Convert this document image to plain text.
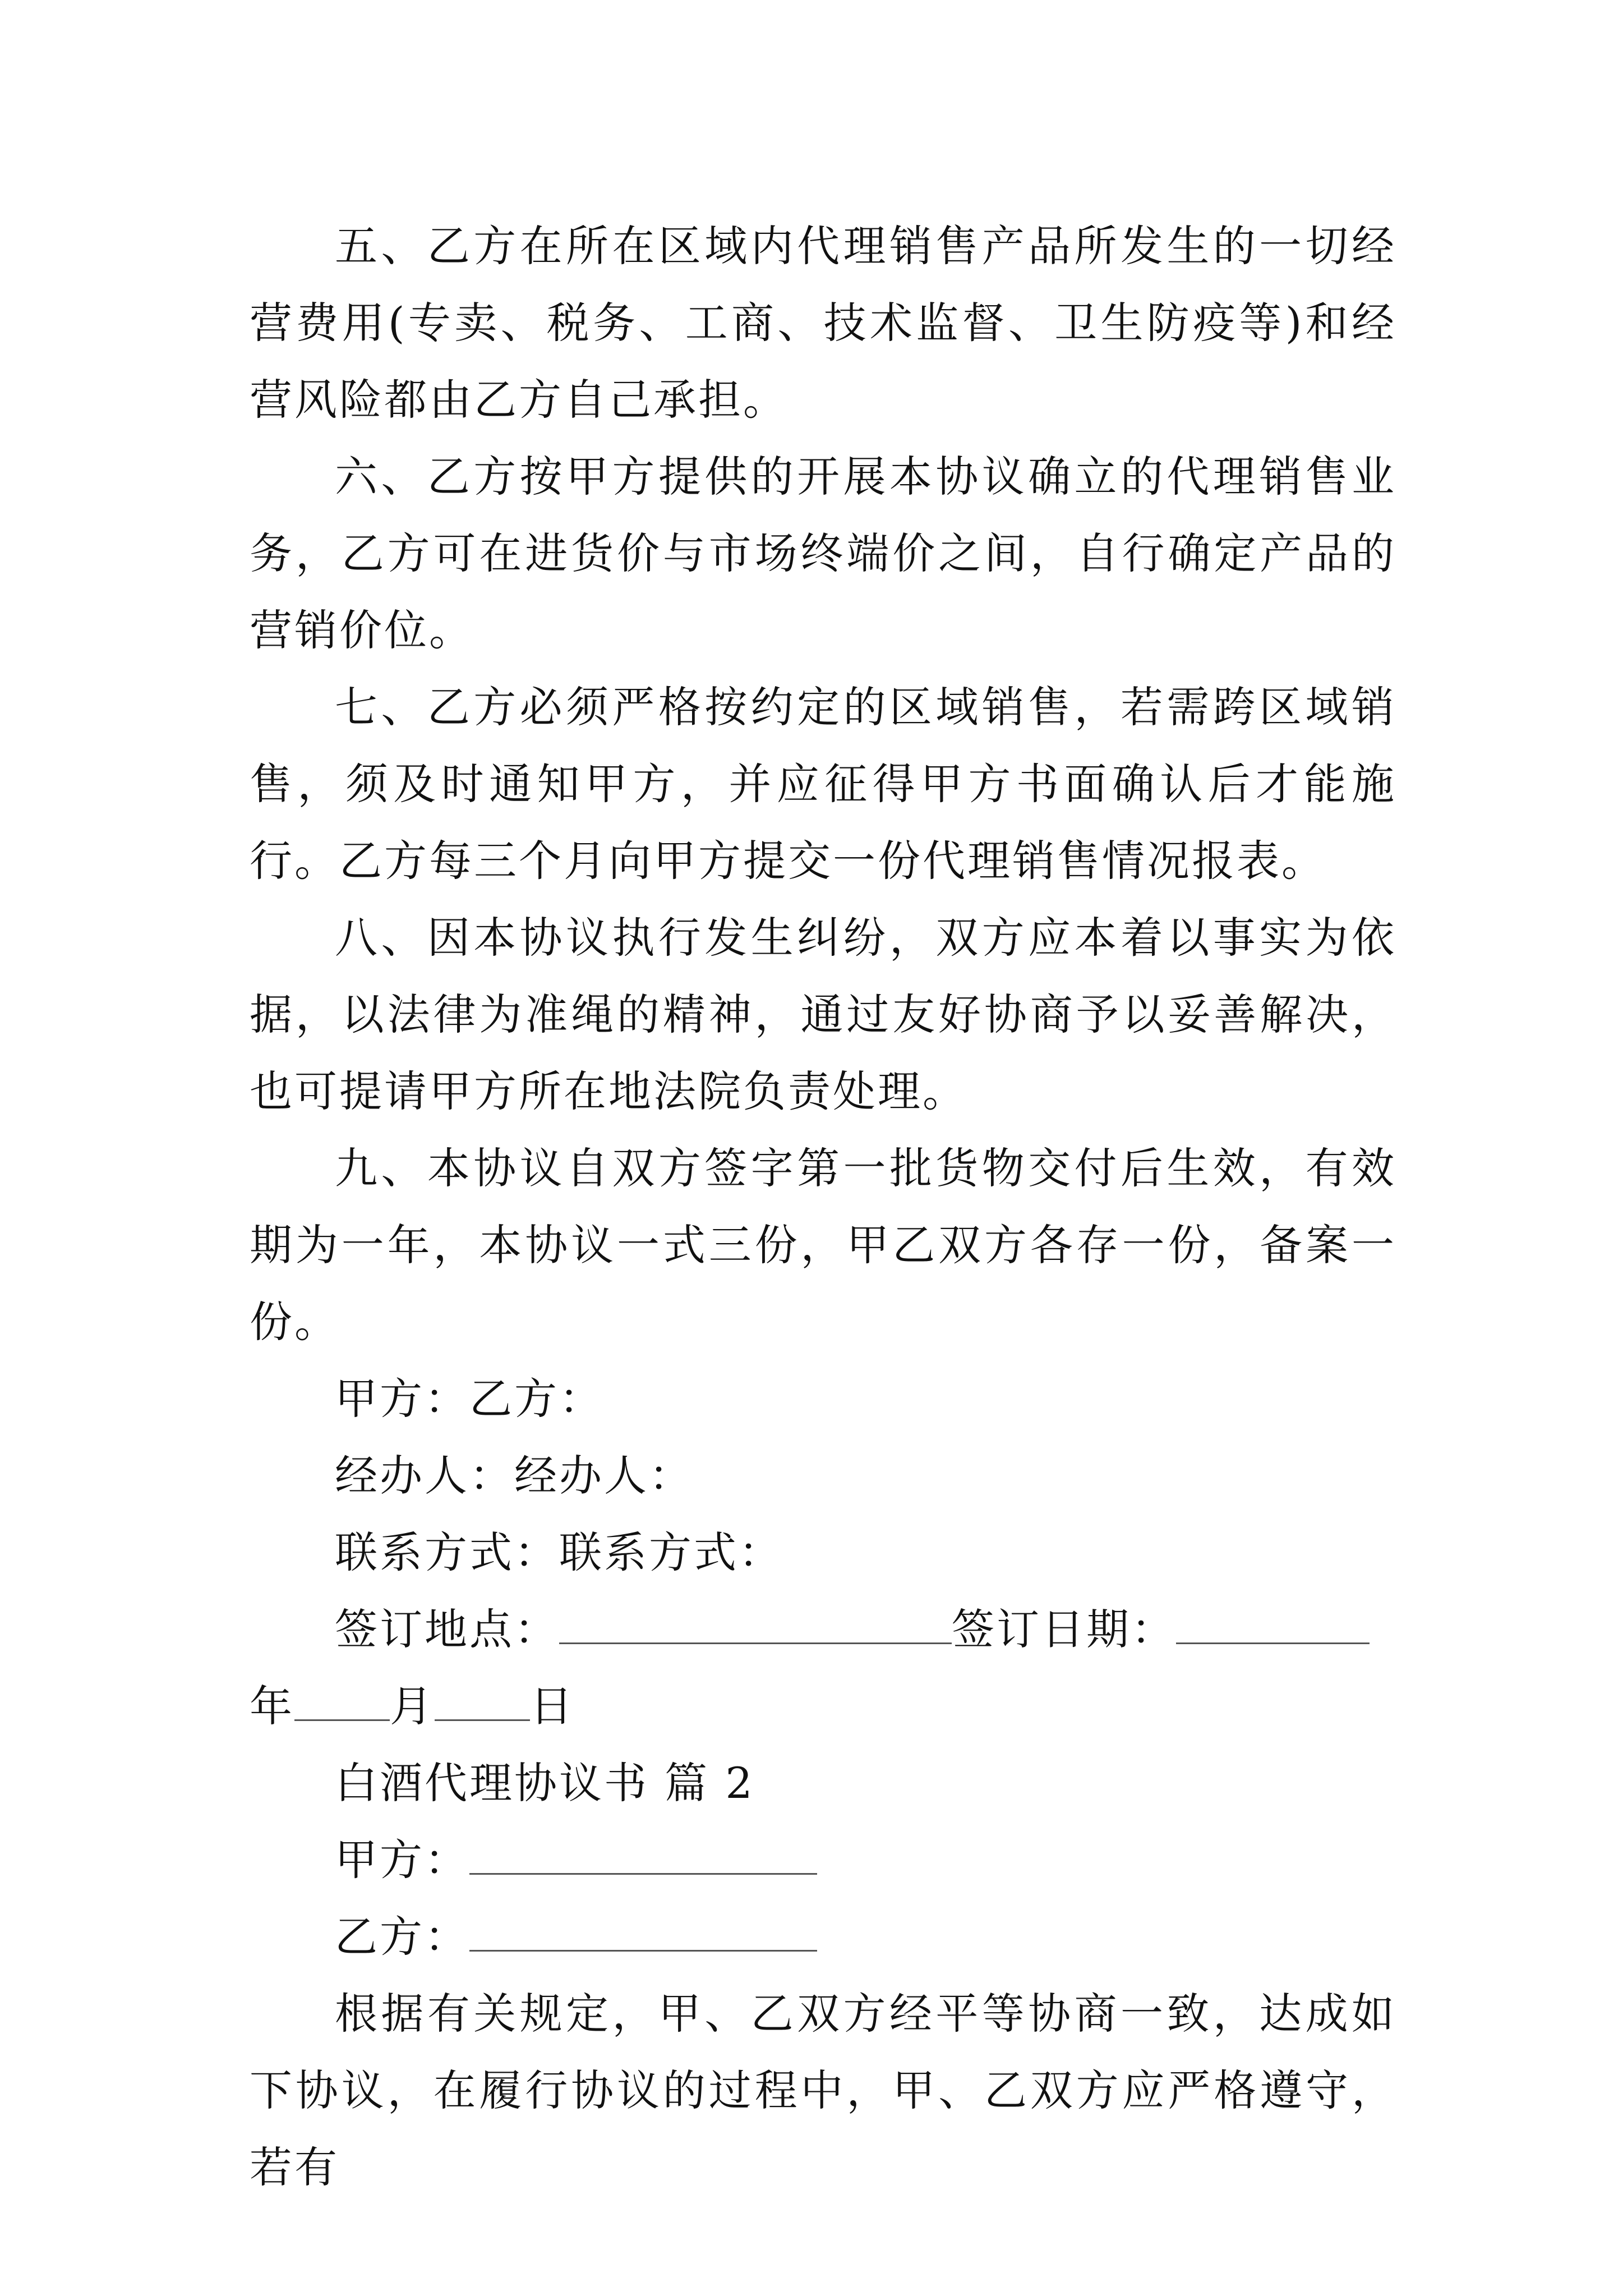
五、乙方在所在区域内代理销售产品所发生的一切经营费用(专卖、税务、工商、技术监督、卫生防疫等)和经营风险都由乙方自己承担。

六、乙方按甲方提供的开展本协议确立的代理销售业务，乙方可在进货价与市场终端价之间，自行确定产品的营销价位。

七、乙方必须严格按约定的区域销售，若需跨区域销售，须及时通知甲方，并应征得甲方书面确认后才能施行。乙方每三个月向甲方提交一份代理销售情况报表。

八、因本协议执行发生纠纷，双方应本着以事实为依据，以法律为准绳的精神，通过友好协商予以妥善解决，也可提请甲方所在地法院负责处理。

九、本协议自双方签字第一批货物交付后生效，有效期为一年，本协议一式三份，甲乙双方各存一份，备案一份。

甲方：乙方：

经办人：经办人：

联系方式：联系方式：

签订地点：	签订日期：

年 月 日

白酒代理协议书 篇 2

甲方：

乙方：

根据有关规定，甲、乙双方经平等协商一致，达成如下协议，在履行协议的过程中，甲、乙双方应严格遵守，若有
